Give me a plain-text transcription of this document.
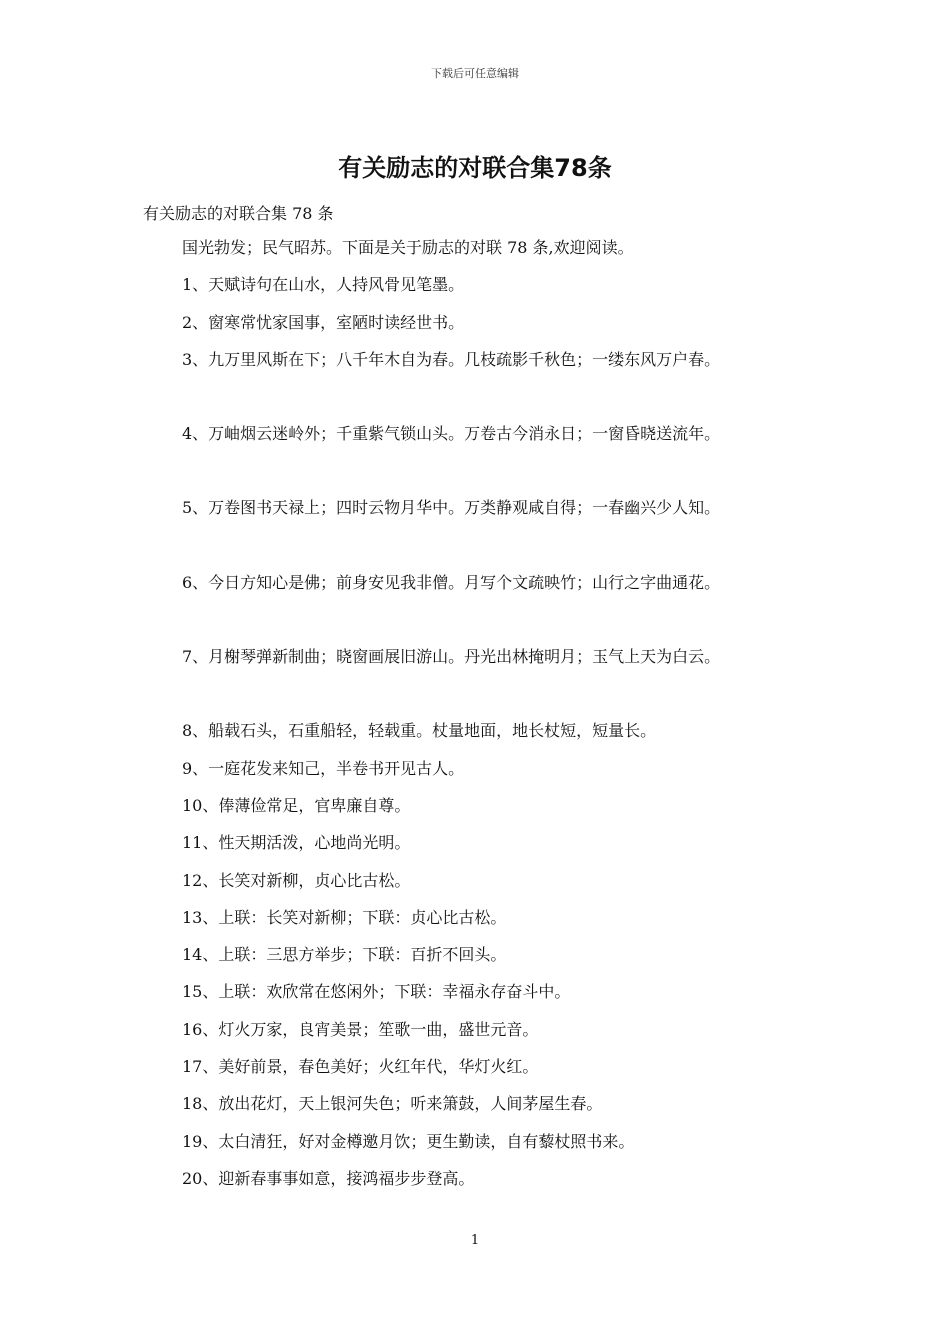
下载后可任意编辑
有关励志的对联合集78条
有关励志的对联合集 78 条

国光勃发；民气昭苏。下面是关于励志的对联 78 条,欢迎阅读。

1、天赋诗句在山水，人持风骨见笔墨。

2、窗寒常忧家国事，室陋时读经世书。

3、九万里风斯在下；八千年木自为春。几枝疏影千秋色；一缕东风万户春。

4、万岫烟云迷岭外；千重紫气锁山头。万卷古今消永日；一窗昏晓送流年。

5、万卷图书天禄上；四时云物月华中。万类静观咸自得；一春幽兴少人知。

6、今日方知心是佛；前身安见我非僧。月写个文疏映竹；山行之字曲通花。

7、月榭琴弹新制曲；晓窗画展旧游山。丹光出林掩明月；玉气上天为白云。

8、船载石头，石重船轻，轻载重。杖量地面，地长杖短，短量长。

9、一庭花发来知己，半卷书开见古人。

10、俸薄俭常足，官卑廉自尊。

11、性天期活泼，心地尚光明。

12、长笑对新柳，贞心比古松。

13、上联：长笑对新柳；下联：贞心比古松。

14、上联：三思方举步；下联：百折不回头。

15、上联：欢欣常在悠闲外；下联：幸福永存奋斗中。

16、灯火万家，良宵美景；笙歌一曲，盛世元音。

17、美好前景，春色美好；火红年代，华灯火红。

18、放出花灯，天上银河失色；听来箫鼓，人间茅屋生春。

19、太白清狂，好对金樽邀月饮；更生勤读，自有藜杖照书来。

20、迎新春事事如意，接鸿福步步登高。

1
